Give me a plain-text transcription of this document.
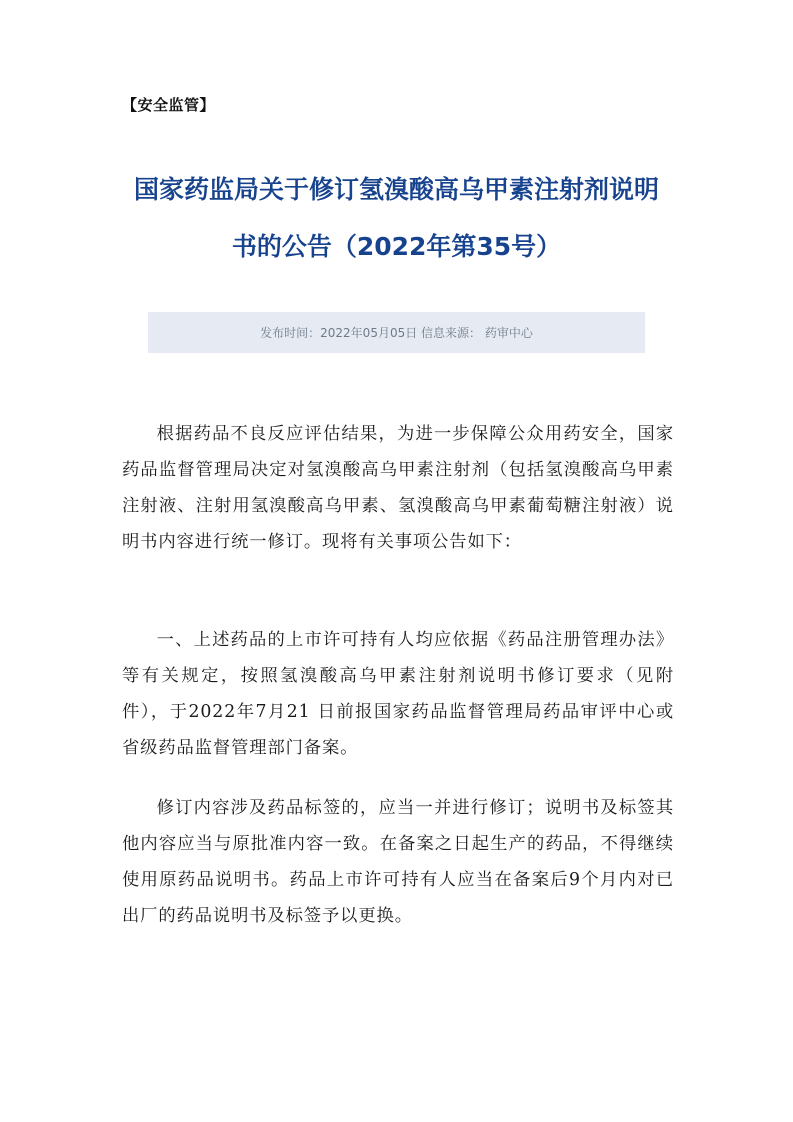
【安全监管】
国家药监局关于修订氢溴酸高乌甲素注射剂说明
书的公告（2022年第35号）
发布时间：2022年05月05日 信息来源： 药审中心

根据药品不良反应评估结果，为进一步保障公众用药安全，国家药品监督管理局决定对氢溴酸高乌甲素注射剂（包括氢溴酸高乌甲素注射液、注射用氢溴酸高乌甲素、氢溴酸高乌甲素葡萄糖注射液）说明书内容进行统一修订。现将有关事项公告如下：

一、上述药品的上市许可持有人均应依据《药品注册管理办法》等有关规定，按照氢溴酸高乌甲素注射剂说明书修订要求（见附件），于2022年7月21 日前报国家药品监督管理局药品审评中心或省级药品监督管理部门备案。

修订内容涉及药品标签的，应当一并进行修订；说明书及标签其他内容应当与原批准内容一致。在备案之日起生产的药品，不得继续使用原药品说明书。药品上市许可持有人应当在备案后9个月内对已出厂的药品说明书及标签予以更换。
